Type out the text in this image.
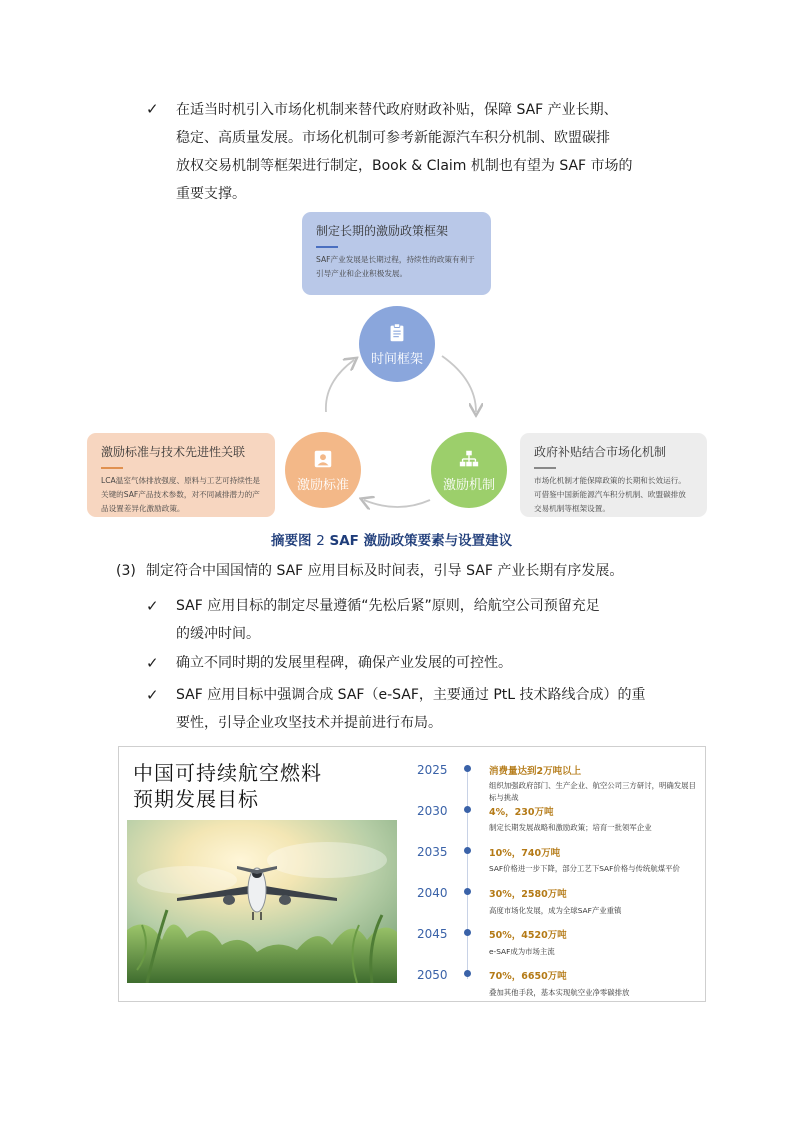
✓ 在适当时机引入市场化机制来替代政府财政补贴，保障 SAF 产业长期、
稳定、高质量发展。市场化机制可参考新能源汽车积分机制、欧盟碳排
放权交易机制等框架进行制定，Book & Claim 机制也有望为 SAF 市场的
重要支撑。
制定长期的激励政策框架
SAF产业发展是长期过程，持续性的政策有利于引导产业和企业积极发展。
激励标准与技术先进性关联
LCA温室气体排放强度、原料与工艺可持续性是关键的SAF产品技术参数，对不同减排潜力的产品设置差异化激励政策。
政府补贴结合市场化机制
市场化机制才能保障政策的长期和长效运行。可借鉴中国新能源汽车积分机制、欧盟碳排放交易机制等框架设置。
时间框架
激励标准	激励机制
摘要图 2 SAF 激励政策要素与设置建议
(3) 制定符合中国国情的 SAF 应用目标及时间表，引导 SAF 产业长期有序发展。
✓ SAF 应用目标的制定尽量遵循“先松后紧”原则，给航空公司预留充足
的缓冲时间。
✓ 确立不同时期的发展里程碑，确保产业发展的可控性。
✓ SAF 应用目标中强调合成 SAF（e-SAF，主要通过 PtL 技术路线合成）的重
要性，引导企业攻坚技术并提前进行布局。
中国可持续航空燃料
预期发展目标
2025	消费量达到2万吨以上
组织加强政府部门、生产企业、航空公司三方研讨，明确发展目标与挑战
2030	4%，230万吨
制定长期发展战略和激励政策；培育一批领军企业
2035	10%，740万吨
SAF价格进一步下降，部分工艺下SAF价格与传统航煤平价
2040	30%，2580万吨
高度市场化发展，成为全球SAF产业重镇
2045	50%，4520万吨
e-SAF成为市场主流
2050	70%，6650万吨
叠加其他手段，基本实现航空业净零碳排放
